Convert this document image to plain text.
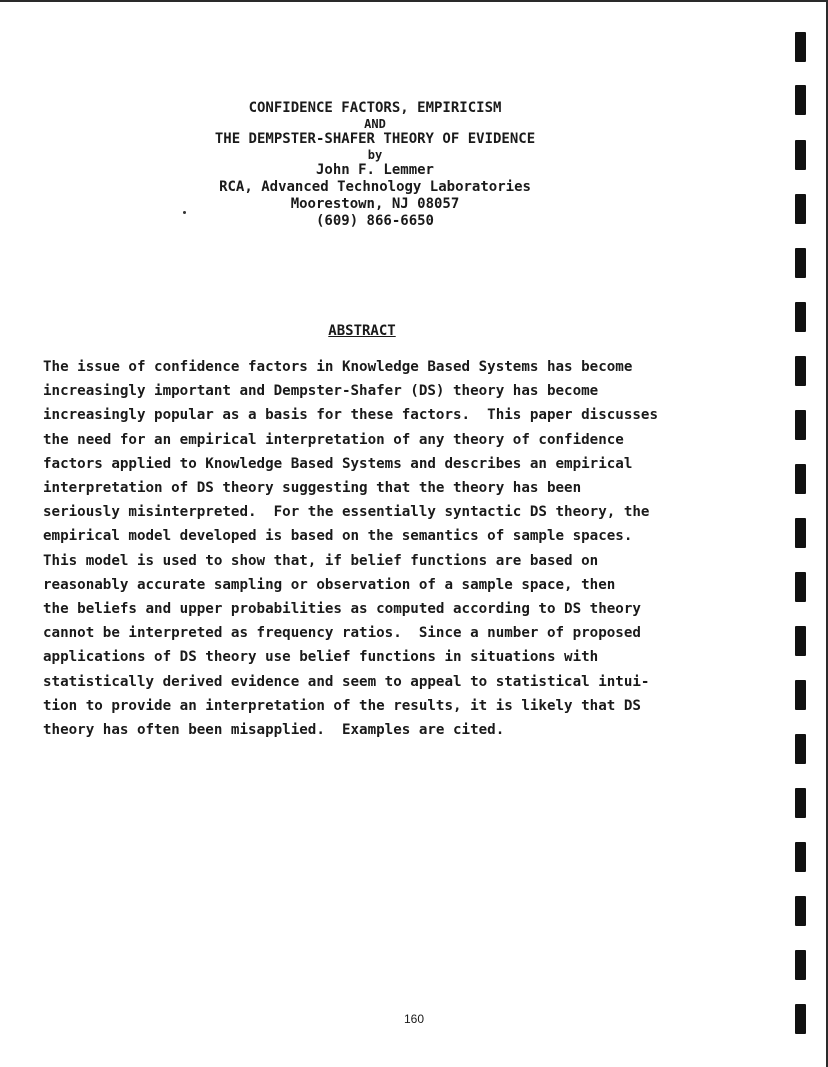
CONFIDENCE FACTORS, EMPIRICISM
AND
THE DEMPSTER-SHAFER THEORY OF EVIDENCE
by
John F. Lemmer
RCA, Advanced Technology Laboratories
Moorestown, NJ 08057
(609) 866-6650
ABSTRACT
The issue of confidence factors in Knowledge Based Systems has become
increasingly important and Dempster-Shafer (DS) theory has become
increasingly popular as a basis for these factors.  This paper discusses
the need for an empirical interpretation of any theory of confidence
factors applied to Knowledge Based Systems and describes an empirical
interpretation of DS theory suggesting that the theory has been
seriously misinterpreted.  For the essentially syntactic DS theory, the
empirical model developed is based on the semantics of sample spaces.
This model is used to show that, if belief functions are based on
reasonably accurate sampling or observation of a sample space, then
the beliefs and upper probabilities as computed according to DS theory
cannot be interpreted as frequency ratios.  Since a number of proposed
applications of DS theory use belief functions in situations with
statistically derived evidence and seem to appeal to statistical intui-
tion to provide an interpretation of the results, it is likely that DS
theory has often been misapplied.  Examples are cited.
160
